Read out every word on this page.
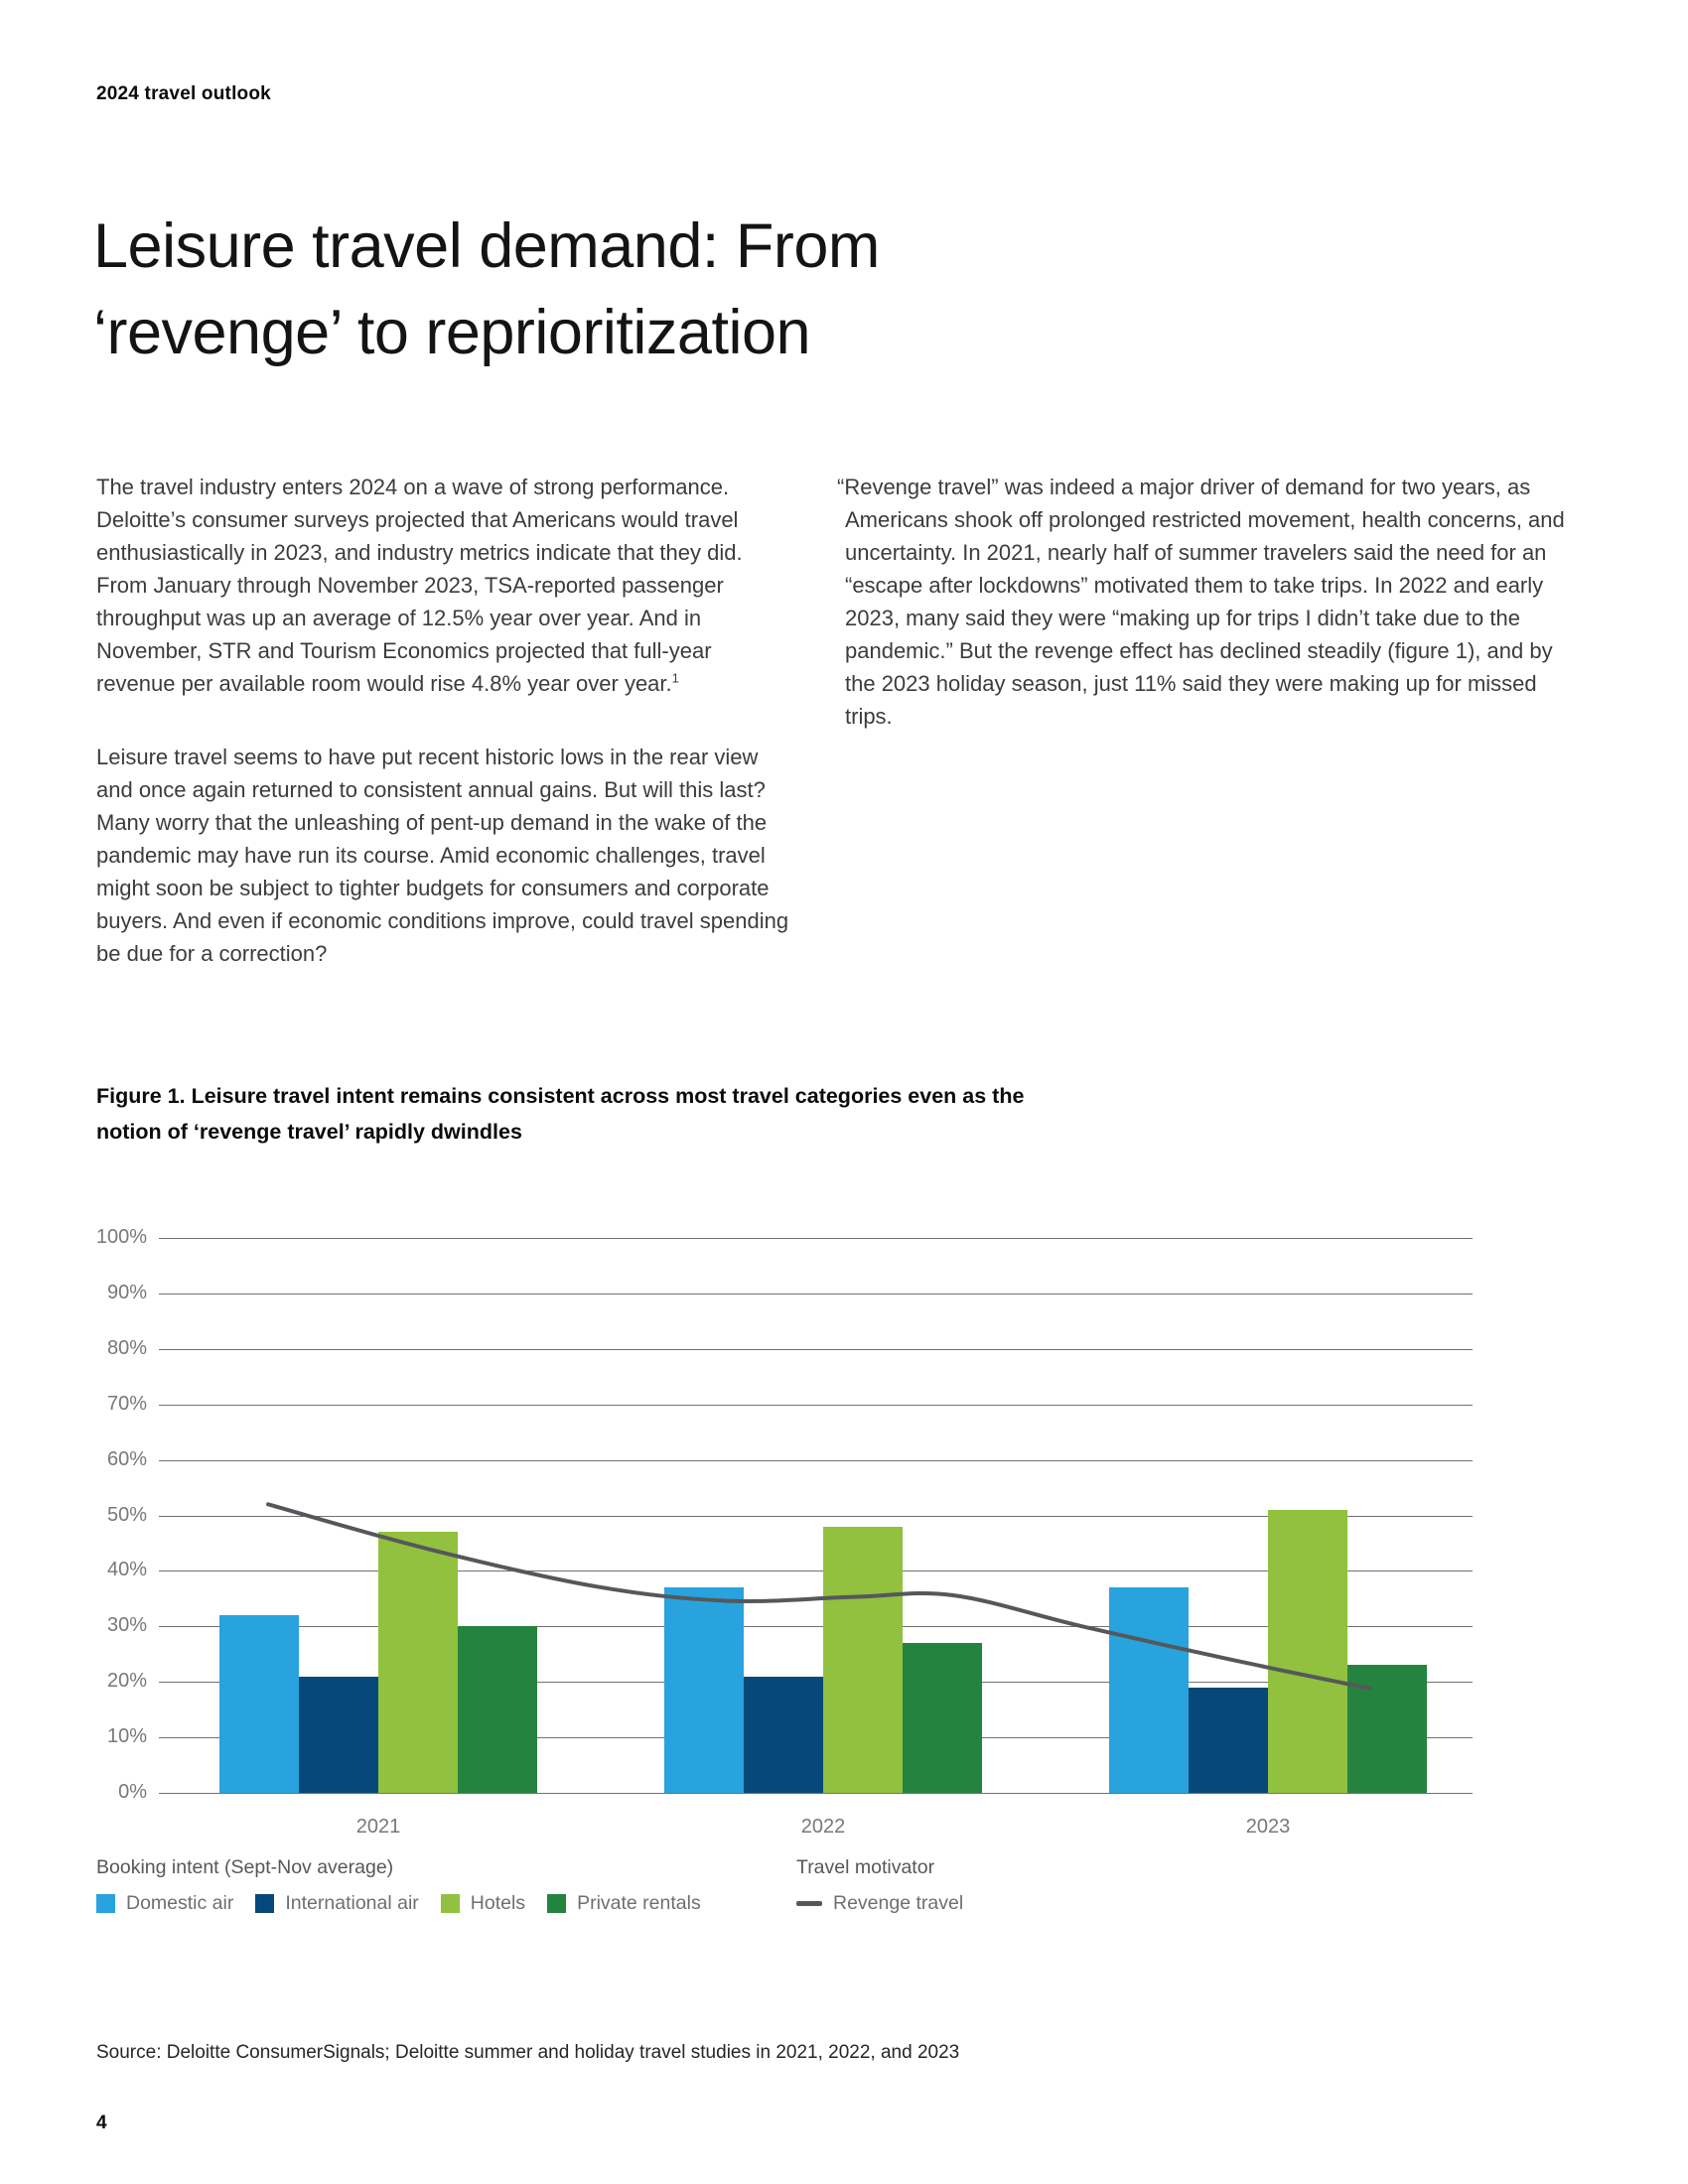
2024 travel outlook
Leisure travel demand: From
‘revenge’ to reprioritization

The travel industry enters 2024 on a wave of strong performance. Deloitte’s consumer surveys projected that Americans would travel enthusiastically in 2023, and industry metrics indicate that they did. From January through November 2023, TSA-reported passenger throughput was up an average of 12.5% year over year. And in November, STR and Tourism Economics projected that full-year revenue per available room would rise 4.8% year over year.$^1$

Leisure travel seems to have put recent historic lows in the rear view and once again returned to consistent annual gains. But will this last? Many worry that the unleashing of pent-up demand in the wake of the pandemic may have run its course. Amid economic challenges, travel might soon be subject to tighter budgets for consumers and corporate buyers. And even if economic conditions improve, could travel spending be due for a correction?

“Revenge travel” was indeed a major driver of demand for two years, as Americans shook off prolonged restricted movement, health concerns, and uncertainty. In 2021, nearly half of summer travelers said the need for an “escape after lockdowns” motivated them to take trips. In 2022 and early 2023, many said they were “making up for trips I didn’t take due to the pandemic.” But the revenge effect has declined steadily (figure 1), and by the 2023 holiday season, just 11% said they were making up for missed trips.

Figure 1. Leisure travel intent remains consistent across most travel categories even as the
notion of ‘revenge travel’ rapidly dwindles
0%
10%
20%
30%
40%
50%
60%
70%
80%
90%
100%
2021	2022	2023
Booking intent (Sept-Nov average)
Domestic air	International air	Hotels	Private rentals
Travel motivator
Revenge travel
Source: Deloitte ConsumerSignals; Deloitte summer and holiday travel studies in 2021, 2022, and 2023
4
